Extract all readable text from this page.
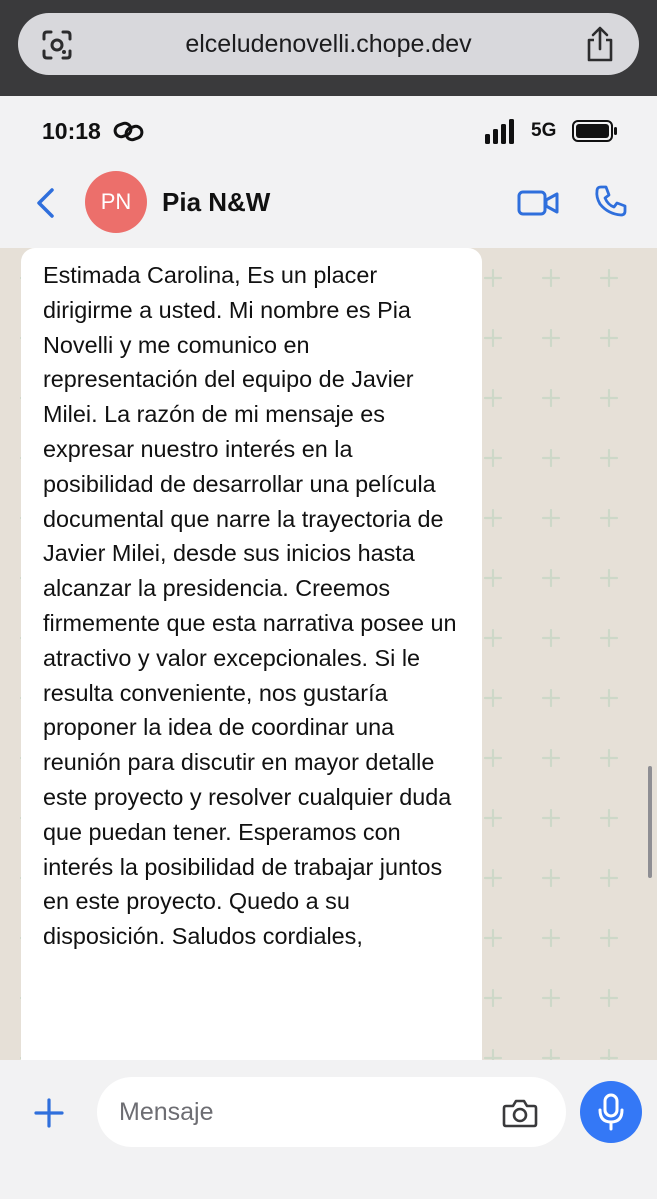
elceludenovelli.chope.dev
10:18	5G
PN	Pia N&W
Estimada Carolina, Es un placer dirigirme a usted. Mi nombre es Pia Novelli y me comunico en representación del equipo de Javier Milei. La razón de mi mensaje es expresar nuestro interés en la posibilidad de desarrollar una película documental que narre la trayectoria de Javier Milei, desde sus inicios hasta alcanzar la presidencia. Creemos firmemente que esta narrativa posee un atractivo y valor excepcionales. Si le resulta conveniente, nos gustaría proponer la idea de coordinar una reunión para discutir en mayor detalle este proyecto y resolver cualquier duda que puedan tener. Esperamos con interés la posibilidad de trabajar juntos en este proyecto. Quedo a su disposición. Saludos cordiales,
Mensaje
